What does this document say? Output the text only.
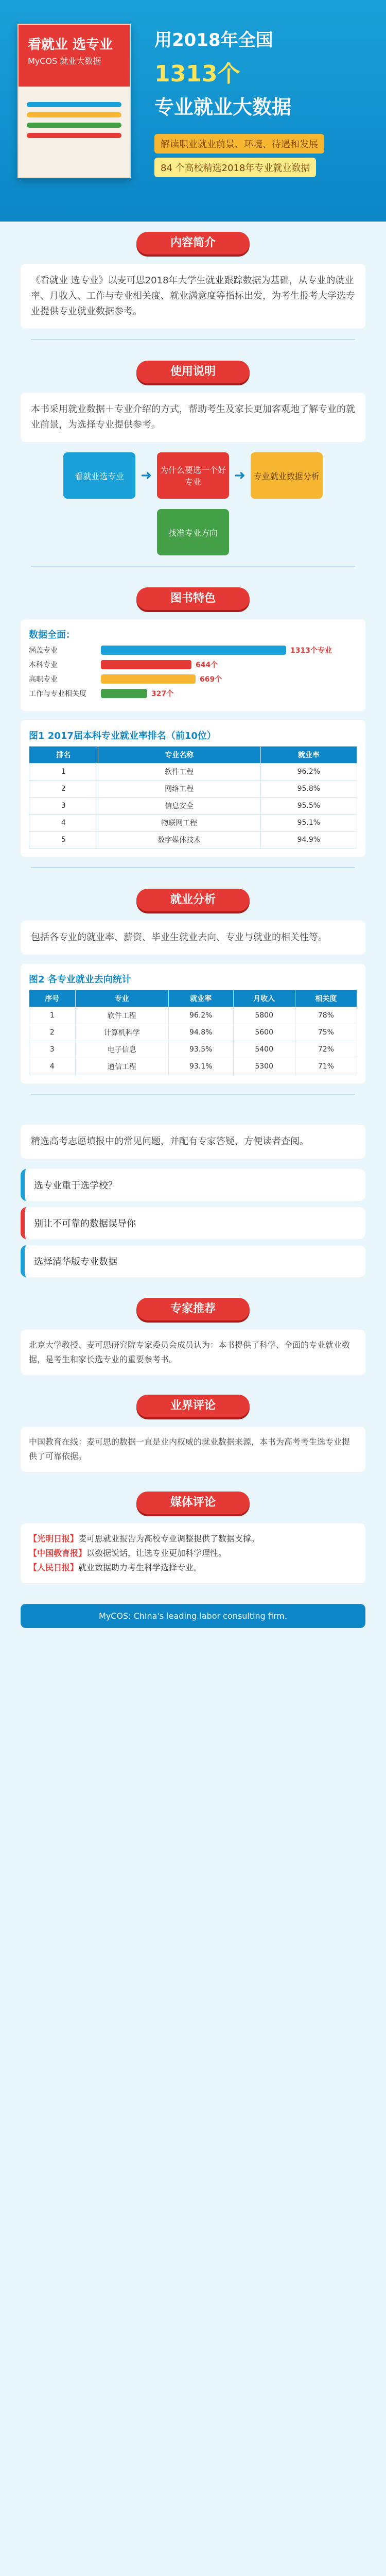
看就业 选专业
MyCOS 就业大数据
用2018年全国
1313个
专业就业大数据
解读职业就业前景、环境、待遇和发展
84 个高校精选2018年专业就业数据
内容简介
《看就业 选专业》以麦可思2018年大学生就业跟踪数据为基础，从专业的就业率、月收入、工作与专业相关度、就业满意度等指标出发，为考生报考大学选专业提供专业就业数据参考。
使用说明
本书采用就业数据＋专业介绍的方式，帮助考生及家长更加客观地了解专业的就业前景，为选择专业提供参考。
看就业选专业	➜	为什么要选一个好专业	➜	专业就业数据分析
找准专业方向
图书特色
数据全面：
涵盖专业	1313个专业
本科专业	644个
高职专业	669个
工作与专业相关度	327个
图1 2017届本科专业就业率排名（前10位）
排名	专业名称	就业率
1	软件工程	96.2%
2	网络工程	95.8%
3	信息安全	95.5%
4	物联网工程	95.1%
5	数字媒体技术	94.9%
就业分析
包括各专业的就业率、薪资、毕业生就业去向、专业与就业的相关性等。
图2 各专业就业去向统计
序号	专业	就业率	月收入	相关度
1	软件工程	96.2%	5800	78%
2	计算机科学	94.8%	5600	75%
3	电子信息	93.5%	5400	72%
4	通信工程	93.1%	5300	71%
精选高考志愿填报中的常见问题，并配有专家答疑，方便读者查阅。
选专业重于选学校？
别让不可靠的数据误导你
选择清华版专业数据
专家推荐
北京大学教授、麦可思研究院专家委员会成员认为：本书提供了科学、全面的专业就业数据，是考生和家长选专业的重要参考书。
业界评论
中国教育在线：麦可思的数据一直是业内权威的就业数据来源，本书为高考考生选专业提供了可靠依据。
媒体评论
【光明日报】麦可思就业报告为高校专业调整提供了数据支撑。
【中国教育报】以数据说话，让选专业更加科学理性。
【人民日报】就业数据助力考生科学选择专业。
MyCOS: China's leading labor consulting firm.
